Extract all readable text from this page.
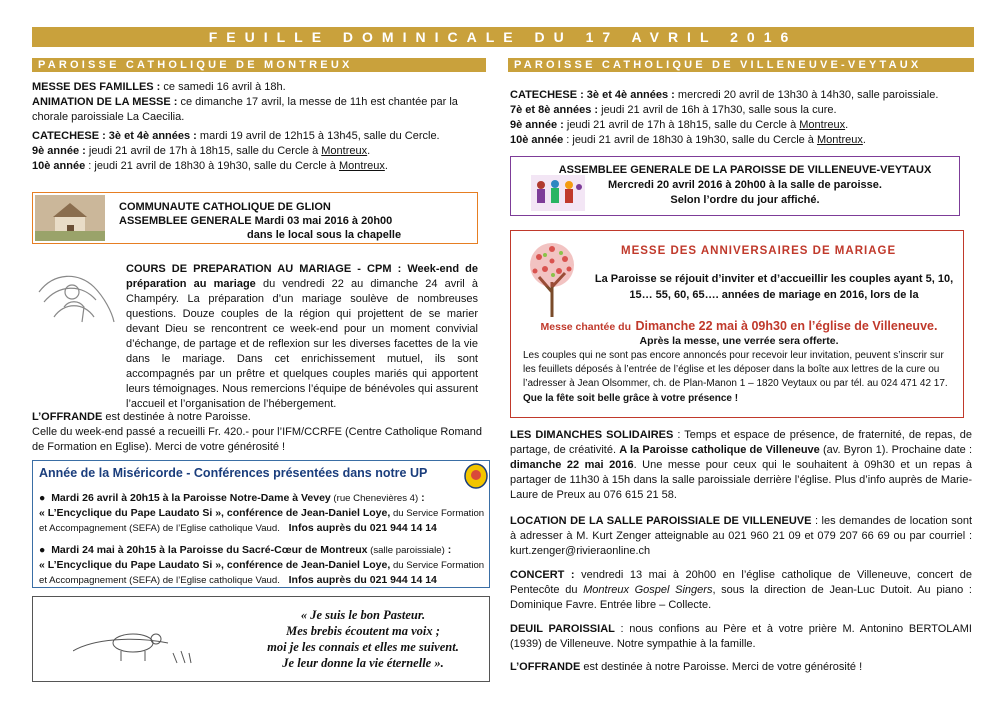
FEUILLE DOMINICALE DU 17 AVRIL 2016
PAROISSE CATHOLIQUE DE MONTREUX
MESSE DES FAMILLES : ce samedi 16 avril à 18h.
ANIMATION DE LA MESSE : ce dimanche 17 avril, la messe de 11h est chantée par la chorale paroissiale La Caecilia.
CATECHESE : 3è et 4è années : mardi 19 avril de 12h15 à 13h45, salle du Cercle.
9è année : jeudi 21 avril de 17h à 18h15, salle du Cercle à Montreux.
10è année : jeudi 21 avril de 18h30 à 19h30, salle du Cercle à Montreux.
COMMUNAUTE CATHOLIQUE DE GLION
ASSEMBLEE GENERALE Mardi 03 mai 2016 à 20h00
dans le local sous la chapelle
COURS DE PREPARATION AU MARIAGE - CPM : Week-end de préparation au mariage du vendredi 22 au dimanche 24 avril à Champéry. La préparation d’un mariage soulève de nombreuses questions. Douze couples de la région qui projettent de se marier devant Dieu se rencontrent ce week-end pour un moment convivial d’échange, de partage et de reflexion sur les diverses facettes de la vie dans le mariage. Dans cet enrichissement mutuel, ils sont accompagnés par un prêtre et quelques couples mariés qui apportent leurs témoignages. Nous remercions l’équipe de bénévoles qui assurent l’accueil et l’organisation de l’hébergement.
L’OFFRANDE est destinée à notre Paroisse.
Celle du week-end passé a recueilli Fr. 420.- pour l’IFM/CCRFE (Centre Catholique Romand de Formation en Eglise). Merci de votre générosité !
Année de la Miséricorde - Conférences présentées dans notre UP
●  Mardi 26 avril à 20h15 à la Paroisse Notre-Dame à Vevey (rue Chenevières 4) :
« L’Encyclique du Pape Laudato Si », conférence de Jean-Daniel Loye, du Service Formation
et Accompagnement (SEFA) de l’Eglise catholique Vaud. Infos auprès du 021 944 14 14
●  Mardi 24 mai à 20h15 à la Paroisse du Sacré-Cœur de Montreux (salle paroissiale) :
« L’Encyclique du Pape Laudato Si », conférence de Jean-Daniel Loye, du Service Formation
et Accompagnement (SEFA) de l’Eglise catholique Vaud. Infos auprès du 021 944 14 14
« Je suis le bon Pasteur.
Mes brebis écoutent ma voix ;
moi je les connais et elles me suivent.
Je leur donne la vie éternelle ».
PAROISSE CATHOLIQUE DE VILLENEUVE-VEYTAUX
CATECHESE : 3è et 4è années : mercredi 20 avril de 13h30 à 14h30, salle paroissiale.
7è et 8è années : jeudi 21 avril de 16h à 17h30, salle sous la cure.
9è année : jeudi 21 avril de 17h à 18h15, salle du Cercle à Montreux.
10è année : jeudi 21 avril de 18h30 à 19h30, salle du Cercle à Montreux.
ASSEMBLEE GENERALE DE LA PAROISSE DE VILLENEUVE-VEYTAUX
Mercredi 20 avril 2016 à 20h00 à la salle de paroisse.
Selon l’ordre du jour affiché.
MESSE DES ANNIVERSAIRES DE MARIAGE
La Paroisse se réjouit d’inviter et d’accueillir les couples ayant 5, 10, 15… 55, 60, 65…. années de mariage en 2016, lors de la
Messe chantée du Dimanche 22 mai à 09h30 en l’église de Villeneuve.
Après la messe, une verrée sera offerte.
Les couples qui ne sont pas encore annoncés pour recevoir leur invitation, peuvent s’inscrir sur les feuillets déposés à l’entrée de l’église et les déposer dans la boîte aux lettres de la cure ou l’adresser à Jean Olsommer, ch. de Plan-Manon 1 – 1820 Veytaux ou par tél. au 024 471 42 17.   Que la fête soit belle grâce à votre présence !
LES DIMANCHES SOLIDAIRES : Temps et espace de présence, de fraternité, de repas, de partage, de créativité. A la Paroisse catholique de Villeneuve (av. Byron 1). Prochaine date : dimanche 22 mai 2016. Une messe pour ceux qui le souhaitent à 09h30 et un repas à partager de 11h30 à 15h dans la salle paroissiale derrière l’église. Plus d’info auprès de Marie-Laure de Preux au 076 615 21 58.
LOCATION DE LA SALLE PAROISSIALE DE VILLENEUVE : les demandes de location sont à adresser à M. Kurt Zenger atteignable au 021 960 21 09 et 079 207 66 69 ou par courriel : kurt.zenger@rivieraonline.ch
CONCERT : vendredi 13 mai à 20h00 en l’église catholique de Villeneuve, concert de Pentecôte du Montreux Gospel Singers, sous la direction de Jean-Luc Dutoit. Au piano : Dominique Favre. Entrée libre – Collecte.
DEUIL PAROISSIAL : nous confions au Père et à votre prière M. Antonino BERTOLAMI (1939) de Villeneuve. Notre sympathie à la famille.
L’OFFRANDE est destinée à notre Paroisse. Merci de votre générosité !
